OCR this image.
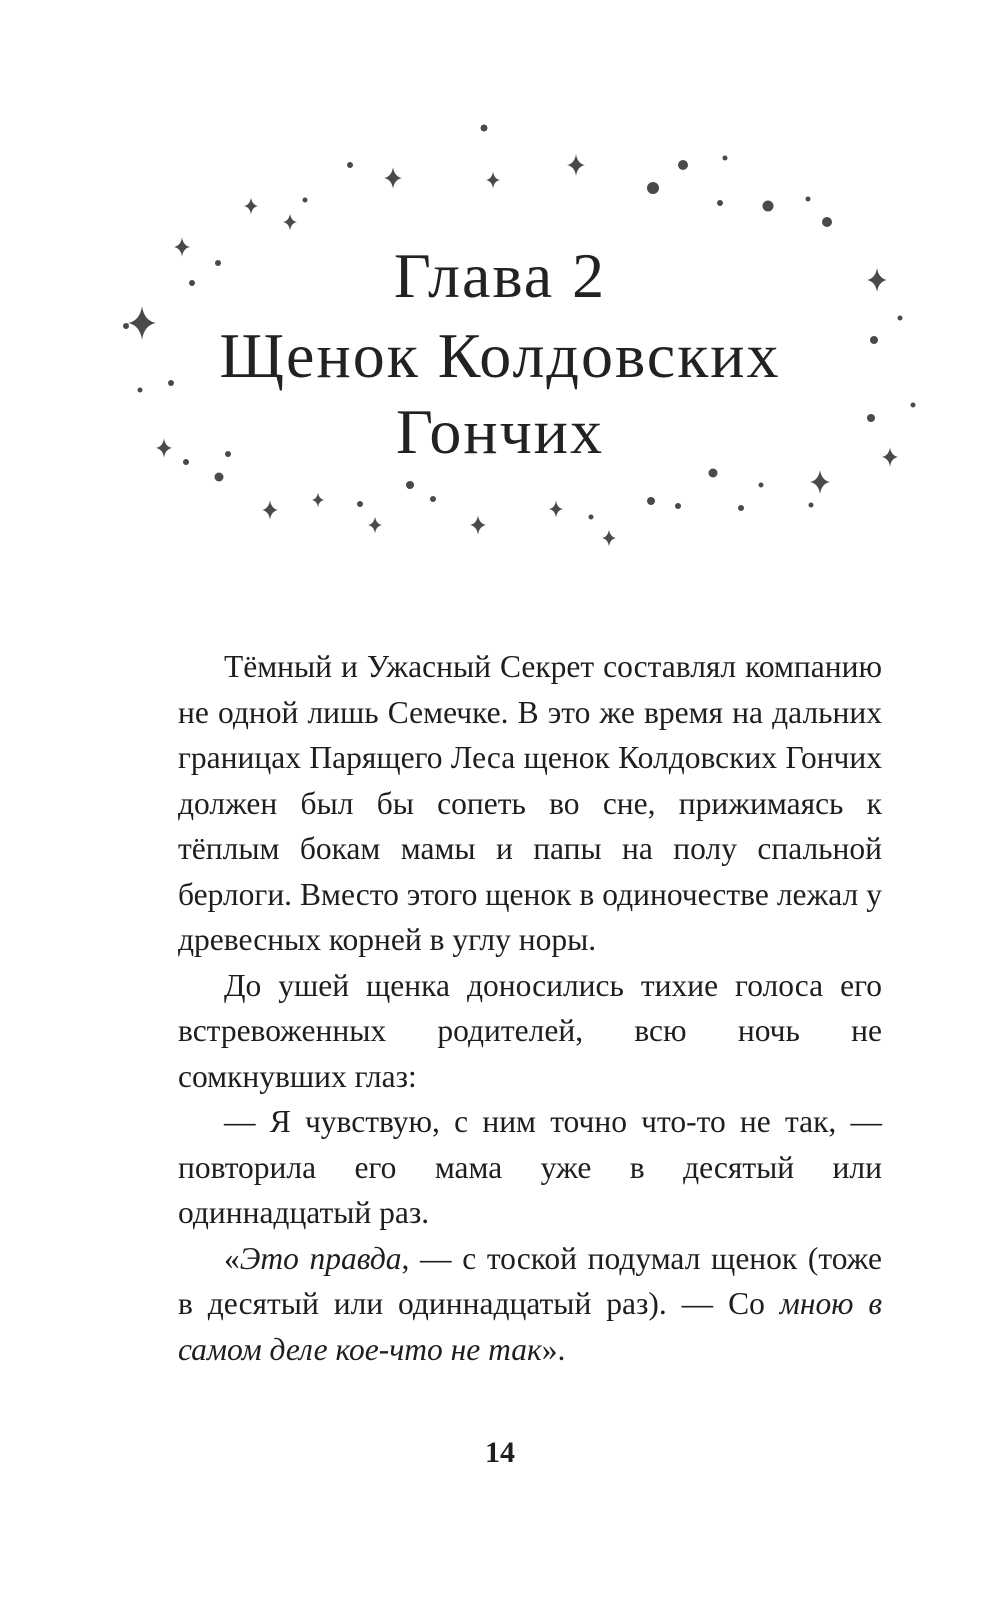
Глава 2
Щенок Колдовских Гончих

Тёмный и Ужасный Секрет составлял компанию не одной лишь Семечке. В это же время на дальних границах Парящего Леса щенок Колдовских Гончих должен был бы сопеть во сне, прижимаясь к тёплым бокам мамы и папы на полу спальной берлоги. Вместо этого щенок в одиночестве лежал у древесных корней в углу норы.

До ушей щенка доносились тихие голоса его встревоженных родителей, всю ночь не сомкнувших глаз:

— Я чувствую, с ним точно что-то не так, — повторила его мама уже в десятый или одиннадцатый раз.

«Это правда, — с тоской подумал щенок (тоже в десятый или одиннадцатый раз). — Со мною в самом деле кое-что не так».

14
